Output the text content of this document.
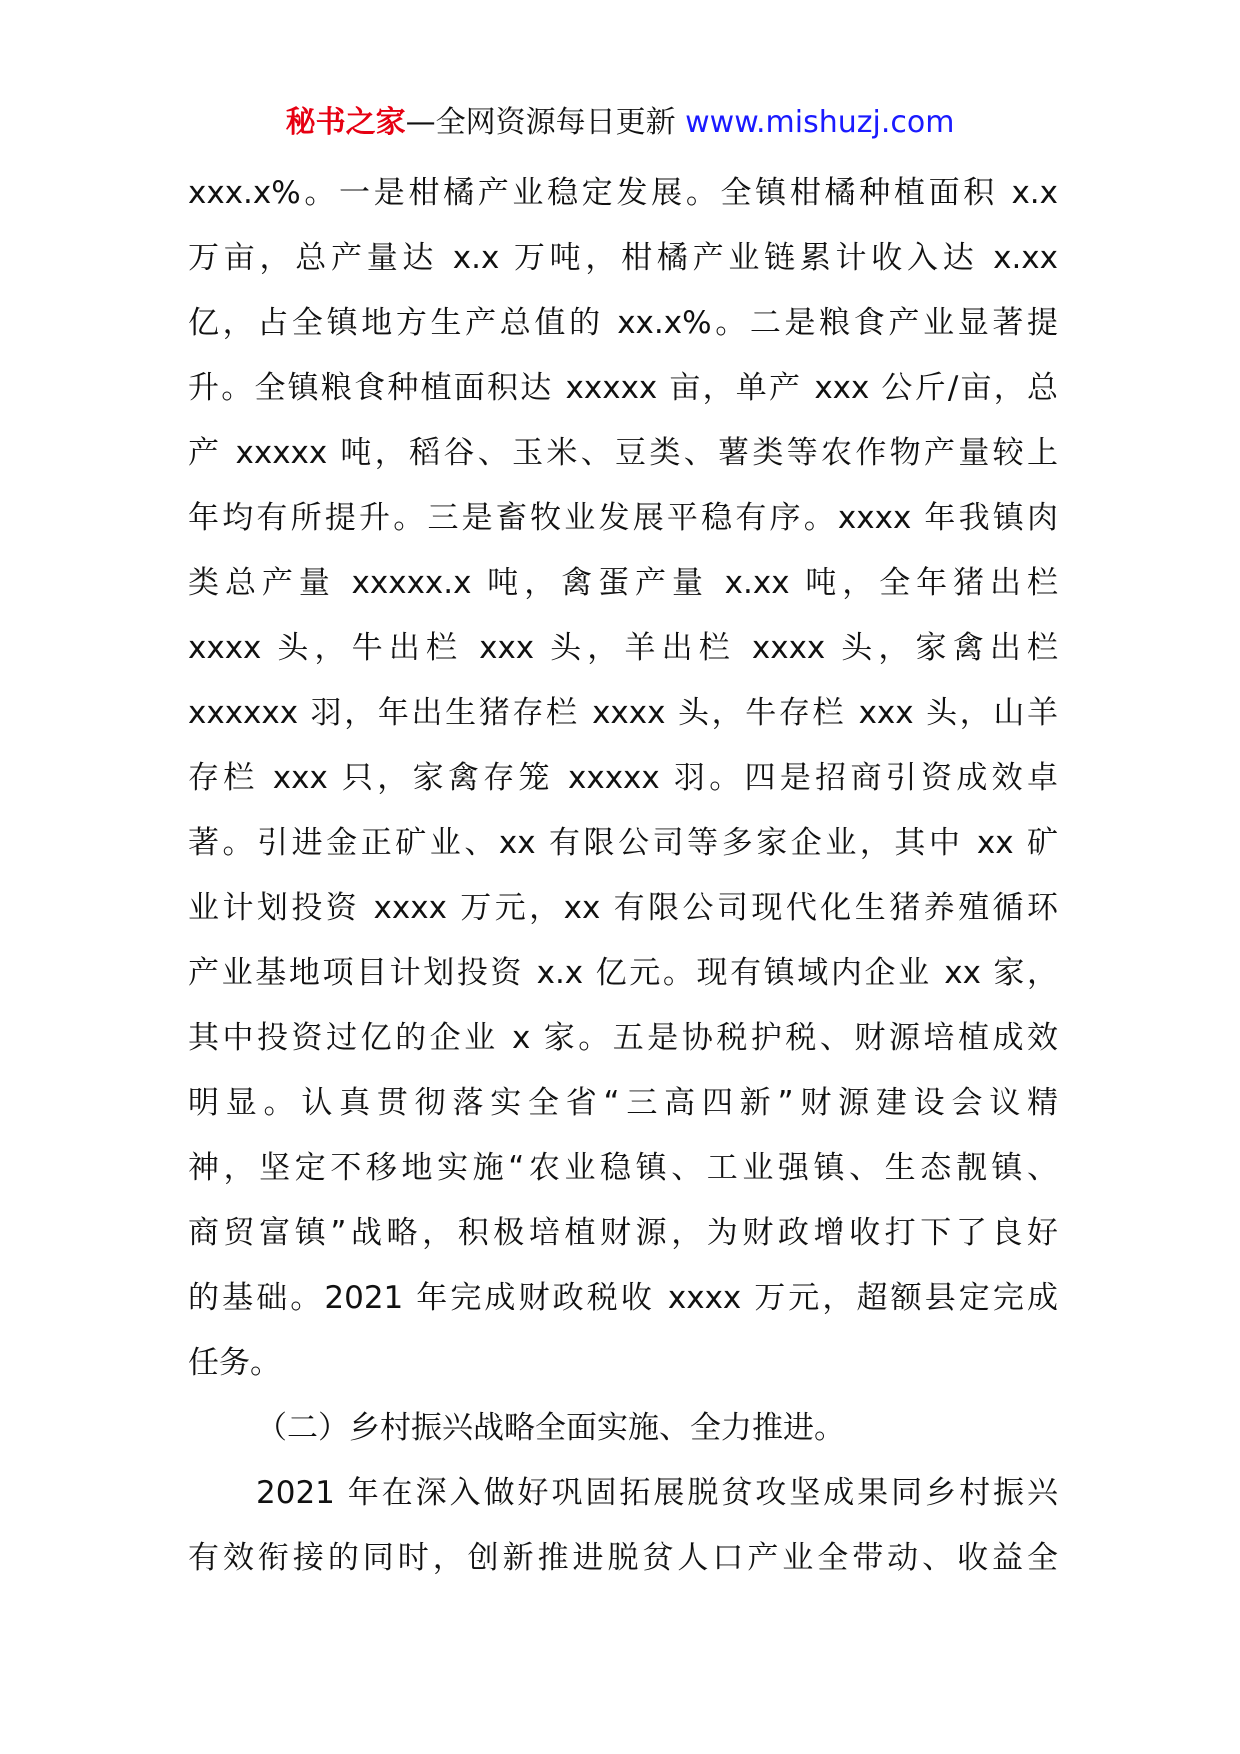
秘书之家—全网资源每日更新 www.mishuzj.com

xxx.x%。一是柑橘产业稳定发展。全镇柑橘种植面积 x.x
万亩，总产量达 x.x 万吨，柑橘产业链累计收入达 x.xx
亿，占全镇地方生产总值的 xx.x%。二是粮食产业显著提
升。全镇粮食种植面积达 xxxxx 亩，单产 xxx 公斤/亩，总
产 xxxxx 吨，稻谷、玉米、豆类、薯类等农作物产量较上
年均有所提升。三是畜牧业发展平稳有序。xxxx 年我镇肉
类总产量 xxxxx.x 吨，禽蛋产量 x.xx 吨，全年猪出栏
xxxx 头，牛出栏 xxx 头，羊出栏 xxxx 头，家禽出栏
xxxxxx 羽，年出生猪存栏 xxxx 头，牛存栏 xxx 头，山羊
存栏 xxx 只，家禽存笼 xxxxx 羽。四是招商引资成效卓
著。引进金正矿业、xx 有限公司等多家企业，其中 xx 矿
业计划投资 xxxx 万元，xx 有限公司现代化生猪养殖循环
产业基地项目计划投资 x.x 亿元。现有镇域内企业 xx 家，
其中投资过亿的企业 x 家。五是协税护税、财源培植成效
明显。认真贯彻落实全省“三高四新”财源建设会议精
神，坚定不移地实施“农业稳镇、工业强镇、生态靓镇、
商贸富镇”战略，积极培植财源，为财政增收打下了良好
的基础。2021 年完成财政税收 xxxx 万元，超额县定完成
任务。

（二）乡村振兴战略全面实施、全力推进。

2021 年在深入做好巩固拓展脱贫攻坚成果同乡村振兴
有效衔接的同时，创新推进脱贫人口产业全带动、收益全
